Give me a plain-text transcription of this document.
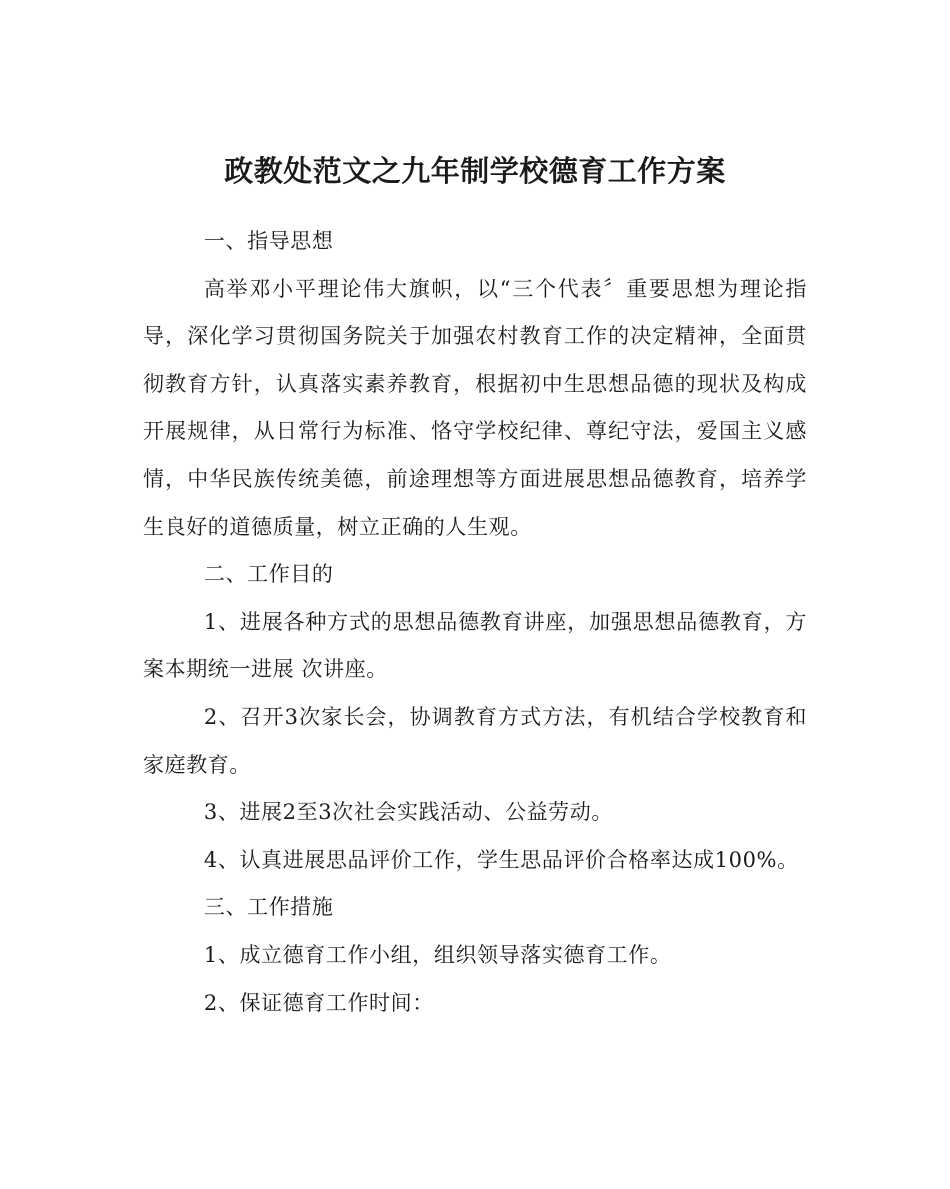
政教处范文之九年制学校德育工作方案

一、指导思想

高举邓小平理论伟大旗帜，以“三个代表〞重要思想为理论指导，深化学习贯彻国务院关于加强农村教育工作的决定精神，全面贯彻教育方针，认真落实素养教育，根据初中生思想品德的现状及构成开展规律，从日常行为标准、恪守学校纪律、尊纪守法，爱国主义感情，中华民族传统美德，前途理想等方面进展思想品德教育，培养学生良好的道德质量，树立正确的人生观。

二、工作目的

1、进展各种方式的思想品德教育讲座，加强思想品德教育，方案本期统一进展 次讲座。

2、召开3次家长会，协调教育方式方法，有机结合学校教育和家庭教育。

3、进展2至3次社会实践活动、公益劳动。

4、认真进展思品评价工作，学生思品评价合格率达成100%。

三、工作措施

1、成立德育工作小组，组织领导落实德育工作。

2、保证德育工作时间：
